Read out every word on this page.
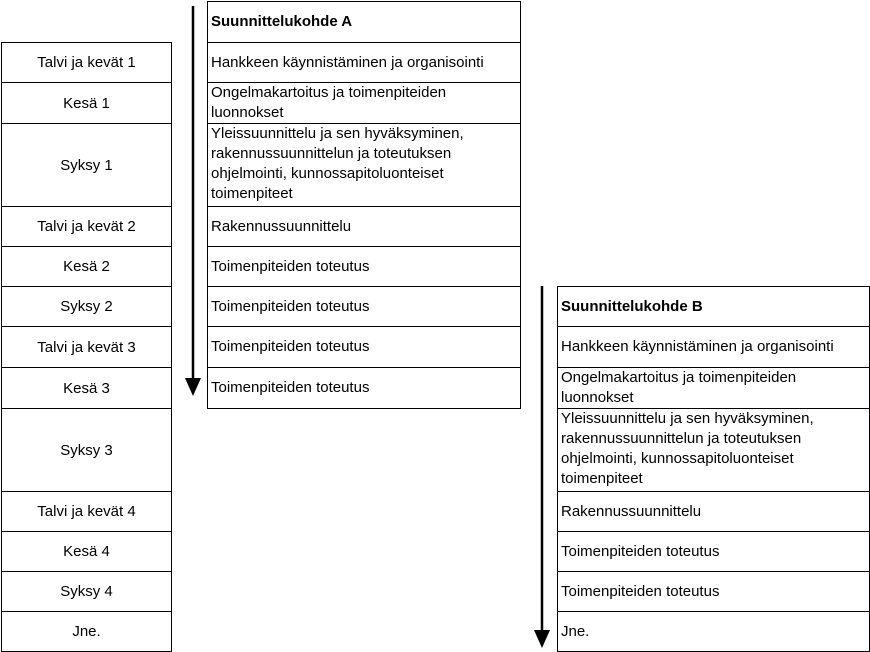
Talvi ja kevät 1
Kesä 1
Syksy 1
Talvi ja kevät 2
Kesä 2
Syksy 2
Talvi ja kevät 3
Kesä 3
Syksy 3
Talvi ja kevät 4
Kesä 4
Syksy 4
Jne.
Suunnittelukohde A
Hankkeen käynnistäminen ja organisointi
Ongelmakartoitus ja toimenpiteiden luonnokset
Yleissuunnittelu ja sen hyväksyminen, rakennussuunnittelun ja toteutuksen ohjelmointi, kunnossapitoluonteiset toimenpiteet
Rakennussuunnittelu
Toimenpiteiden toteutus
Toimenpiteiden toteutus
Toimenpiteiden toteutus
Toimenpiteiden toteutus
Suunnittelukohde B
Hankkeen käynnistäminen ja organisointi
Ongelmakartoitus ja toimenpiteiden luonnokset
Yleissuunnittelu ja sen hyväksyminen, rakennussuunnittelun ja toteutuksen ohjelmointi, kunnossapitoluonteiset toimenpiteet
Rakennussuunnittelu
Toimenpiteiden toteutus
Toimenpiteiden toteutus
Jne.
